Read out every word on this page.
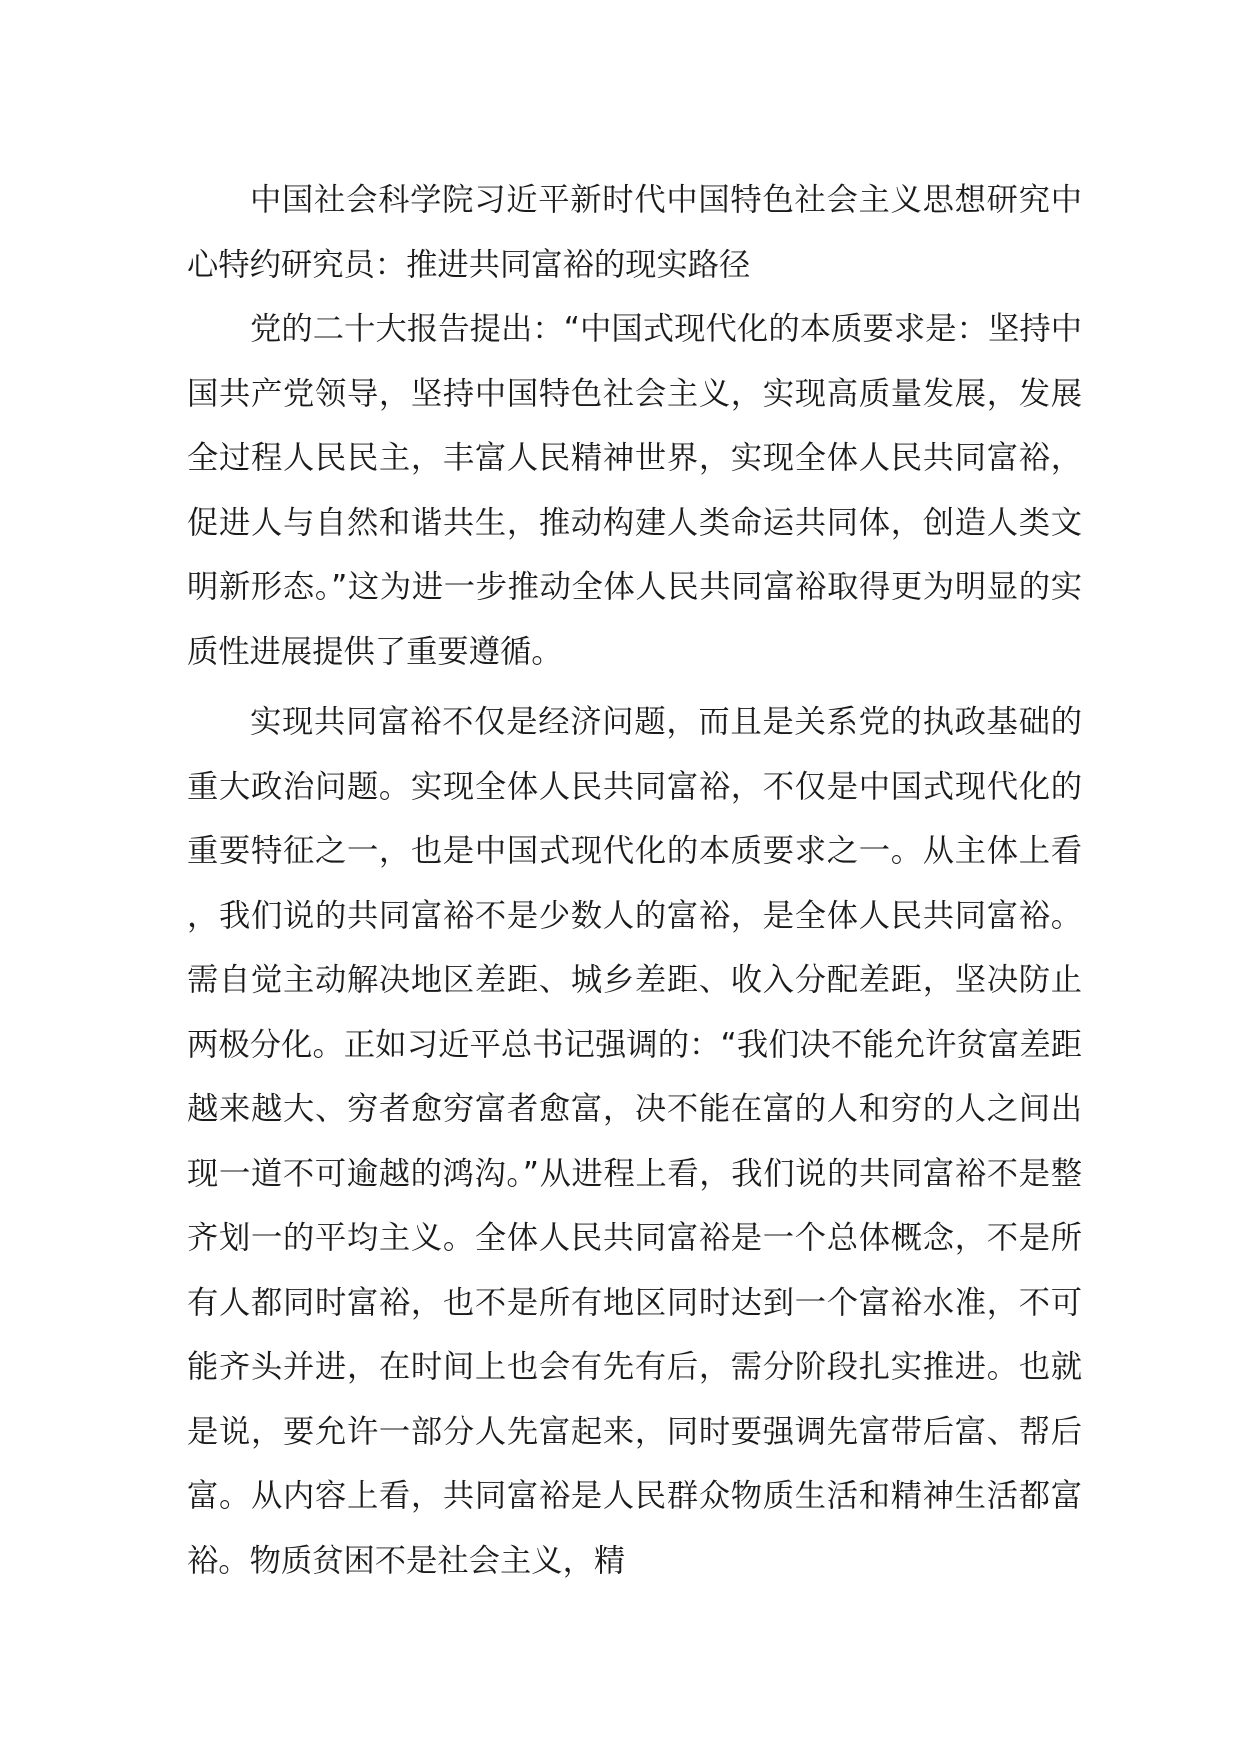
中国社会科学院习近平新时代中国特色社会主义思想研究中心特约研究员：推进共同富裕的现实路径

党的二十大报告提出：“中国式现代化的本质要求是：坚持中国共产党领导，坚持中国特色社会主义，实现高质量发展，发展全过程人民民主，丰富人民精神世界，实现全体人民共同富裕，促进人与自然和谐共生，推动构建人类命运共同体，创造人类文明新形态。”这为进一步推动全体人民共同富裕取得更为明显的实质性进展提供了重要遵循。

实现共同富裕不仅是经济问题，而且是关系党的执政基础的重大政治问题。实现全体人民共同富裕，不仅是中国式现代化的重要特征之一，也是中国式现代化的本质要求之一。从主体上看，我们说的共同富裕不是少数人的富裕，是全体人民共同富裕。需自觉主动解决地区差距、城乡差距、收入分配差距，坚决防止两极分化。正如习近平总书记强调的：“我们决不能允许贫富差距越来越大、穷者愈穷富者愈富，决不能在富的人和穷的人之间出现一道不可逾越的鸿沟。”从进程上看，我们说的共同富裕不是整齐划一的平均主义。全体人民共同富裕是一个总体概念，不是所有人都同时富裕，也不是所有地区同时达到一个富裕水准，不可能齐头并进，在时间上也会有先有后，需分阶段扎实推进。也就是说，要允许一部分人先富起来，同时要强调先富带后富、帮后富。从内容上看，共同富裕是人民群众物质生活和精神生活都富裕。物质贫困不是社会主义，精
